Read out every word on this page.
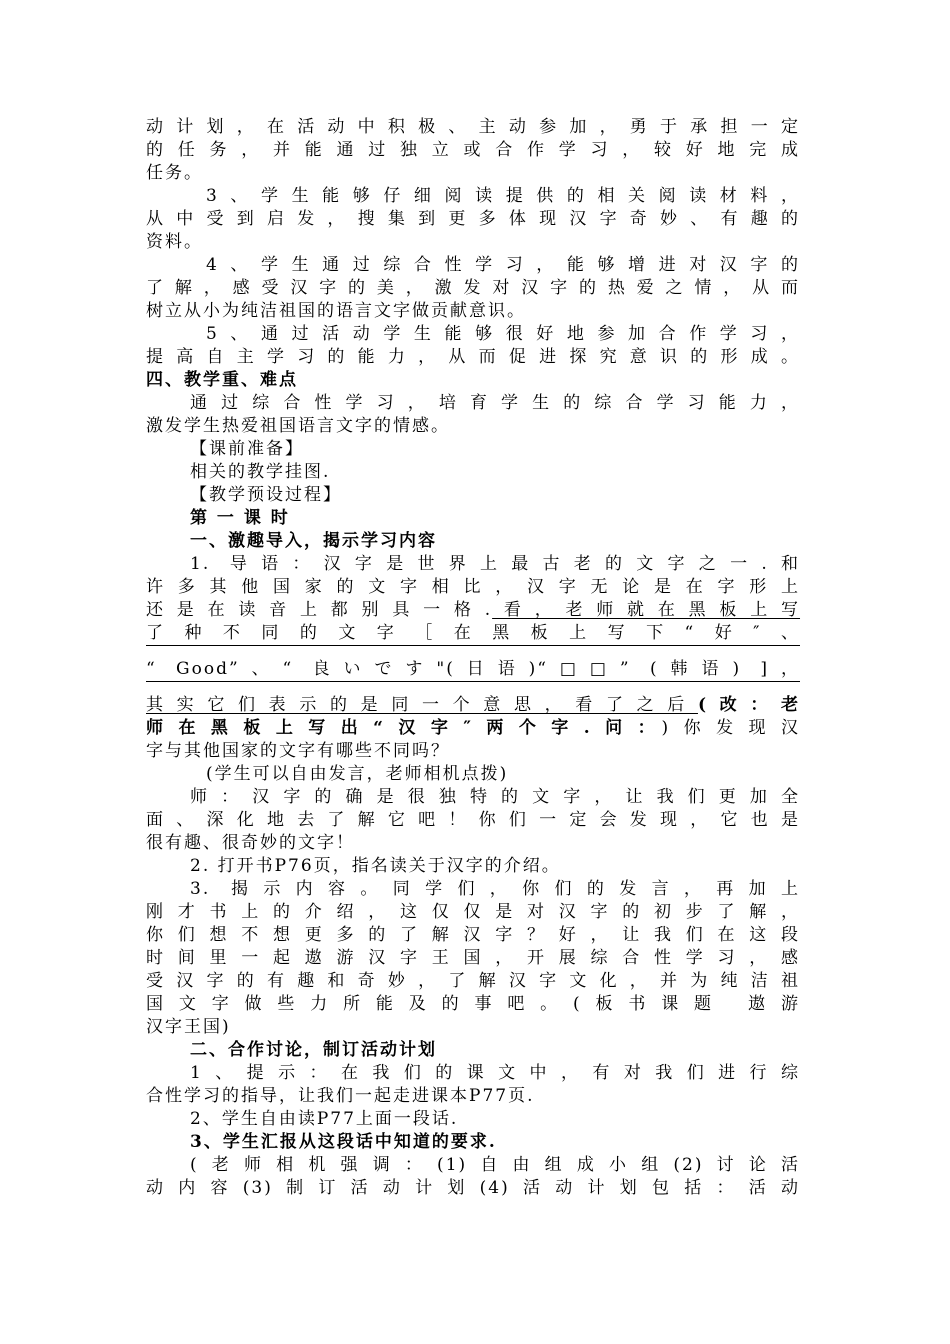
动计划，在活动中积极、主动参加，勇于承担一定
的任务，并能通过独立或合作学习，较好地完成
任务。
3、学生能够仔细阅读提供的相关阅读材料，
从中受到启发，搜集到更多体现汉字奇妙、有趣的
资料。
4、学生通过综合性学习，能够增进对汉字的
了解，感受汉字的美，激发对汉字的热爱之情，从而
树立从小为纯洁祖国的语言文字做贡献意识。
5、通过活动学生能够很好地参加合作学习，
提高自主学习的能力，从而促进探究意识的形成。
四、教学重、难点
通过综合性学习，培育学生的综合学习能力，
激发学生热爱祖国语言文字的情感。
【课前准备】
相关的教学挂图.
【教学预设过程】
第 一 课 时
一、激趣导入，揭示学习内容
1. 导语：汉字是世界上最古老的文字之一.和
许多其他国家的文字相比，汉字无论是在字形上
还是在读音上都别具一格.看，老师就在黑板上写
了种不同的文字［在黑板上写下“好″、
“ Good”、“ 良いです"(日语)“□□” (韩语) ]，
其实它们表示的是同一个意思，看了之后(改：老
师在黑板上写出“汉字″两个字.问：)你发现汉
字与其他国家的文字有哪些不同吗？
(学生可以自由发言，老师相机点拨)
师：汉字的确是很独特的文字，让我们更加全
面、深化地去了解它吧！你们一定会发现，它也是
很有趣、很奇妙的文字！
2. 打开书P76页，指名读关于汉字的介绍。
3. 揭示内容。同学们，你们的发言，再加上
刚才书上的介绍，这仅仅是对汉字的初步了解，
你们想不想更多的了解汉字？好，让我们在这段
时间里一起遨游汉字王国，开展综合性学习，感
受汉字的有趣和奇妙，了解汉字文化，并为纯洁祖
国文字做些力所能及的事吧。(板书课题 遨游
汉字王国)
二、合作讨论，制订活动计划
1、提示：在我们的课文中，有对我们进行综
合性学习的指导，让我们一起走进课本P77页.
2、学生自由读P77上面一段话.
3、学生汇报从这段话中知道的要求.
(老师相机强调：(1)自由组成小组(2)讨论活
动内容(3)制订活动计划(4)活动计划包括：活动
